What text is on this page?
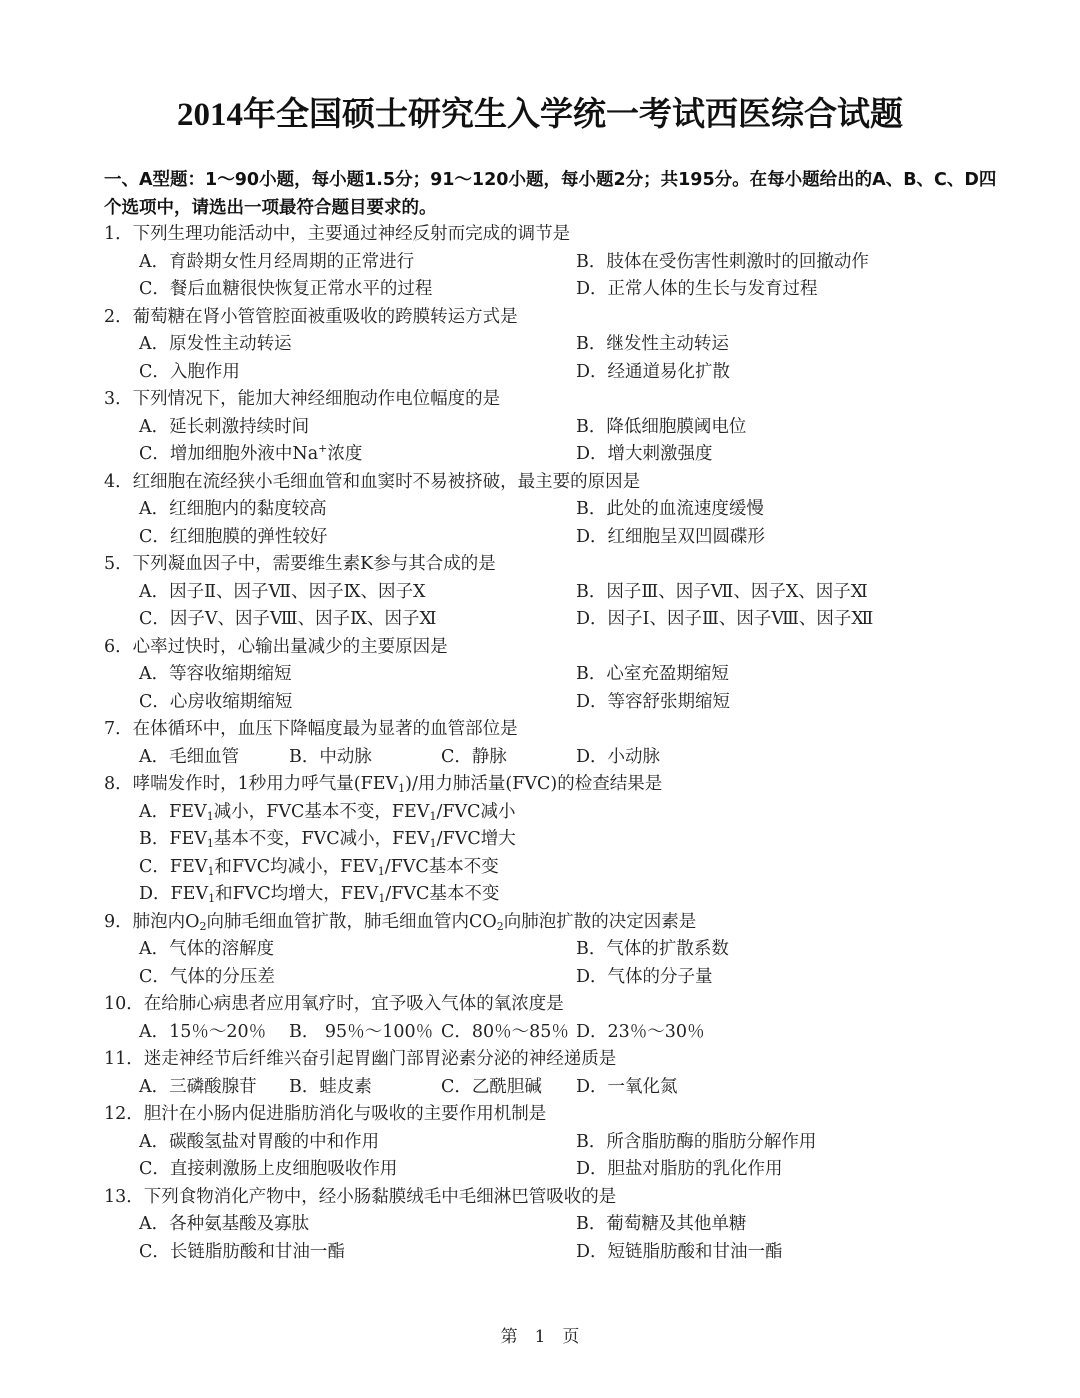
2014年全国硕士研究生入学统一考试西医综合试题
一、A型题：1～90小题，每小题1.5分；91～120小题，每小题2分；共195分。在每小题给出的A、B、C、D四
个选项中，请选出一项最符合题目要求的。
1．下列生理功能活动中，主要通过神经反射而完成的调节是
A．育龄期女性月经周期的正常进行	B．肢体在受伤害性刺激时的回撤动作
C．餐后血糖很快恢复正常水平的过程	D．正常人体的生长与发育过程
2．葡萄糖在肾小管管腔面被重吸收的跨膜转运方式是
A．原发性主动转运	B．继发性主动转运
C．入胞作用	D．经通道易化扩散
3．下列情况下，能加大神经细胞动作电位幅度的是
A．延长刺激持续时间	B．降低细胞膜阈电位
C．增加细胞外液中Na+浓度	D．增大刺激强度
4．红细胞在流经狭小毛细血管和血窦时不易被挤破，最主要的原因是
A．红细胞内的黏度较高	B．此处的血流速度缓慢
C．红细胞膜的弹性较好	D．红细胞呈双凹圆碟形
5．下列凝血因子中，需要维生素K参与其合成的是
A．因子Ⅱ、因子Ⅶ、因子Ⅸ、因子Ⅹ	B．因子Ⅲ、因子Ⅶ、因子Ⅹ、因子Ⅺ
C．因子Ⅴ、因子Ⅷ、因子Ⅸ、因子Ⅺ	D．因子Ⅰ、因子Ⅲ、因子Ⅷ、因子Ⅻ
6．心率过快时，心输出量减少的主要原因是
A．等容收缩期缩短	B．心室充盈期缩短
C．心房收缩期缩短	D．等容舒张期缩短
7．在体循环中，血压下降幅度最为显著的血管部位是
A．毛细血管	B．中动脉	C．静脉	D．小动脉
8．哮喘发作时，1秒用力呼气量$(FEV_1)/$用力肺活量(FVC)的检查结果是
A．$FEV_1$减小，FVC基本不变，$FEV_1$/FVC减小
B．$FEV_1$基本不变，FVC减小，$FEV_1$/FVC增大
C．$FEV_1$和FVC均减小，$FEV_1$/FVC基本不变
D．$FEV_1$和FVC均增大，$FEV_1$/FVC基本不变
9．肺泡内$O_2$向肺毛细血管扩散，肺毛细血管内$CO_2$向肺泡扩散的决定因素是
A．气体的溶解度	B．气体的扩散系数
C．气体的分压差	D．气体的分子量
10．在给肺心病患者应用氧疗时，宜予吸入气体的氧浓度是
A．15％～20％ B． 95％～100％ C．80％～85％ D．23％～30％
11．迷走神经节后纤维兴奋引起胃幽门部胃泌素分泌的神经递质是
A．三磷酸腺苷 B．蛙皮素	C．乙酰胆碱 D．一氧化氮
12．胆汁在小肠内促进脂肪消化与吸收的主要作用机制是
A．碳酸氢盐对胃酸的中和作用	B．所含脂肪酶的脂肪分解作用
C．直接刺激肠上皮细胞吸收作用	D．胆盐对脂肪的乳化作用
13．下列食物消化产物中，经小肠黏膜绒毛中毛细淋巴管吸收的是
A．各种氨基酸及寡肽	B．葡萄糖及其他单糖
C．长链脂肪酸和甘油一酯	D．短链脂肪酸和甘油一酯
第　1　页
